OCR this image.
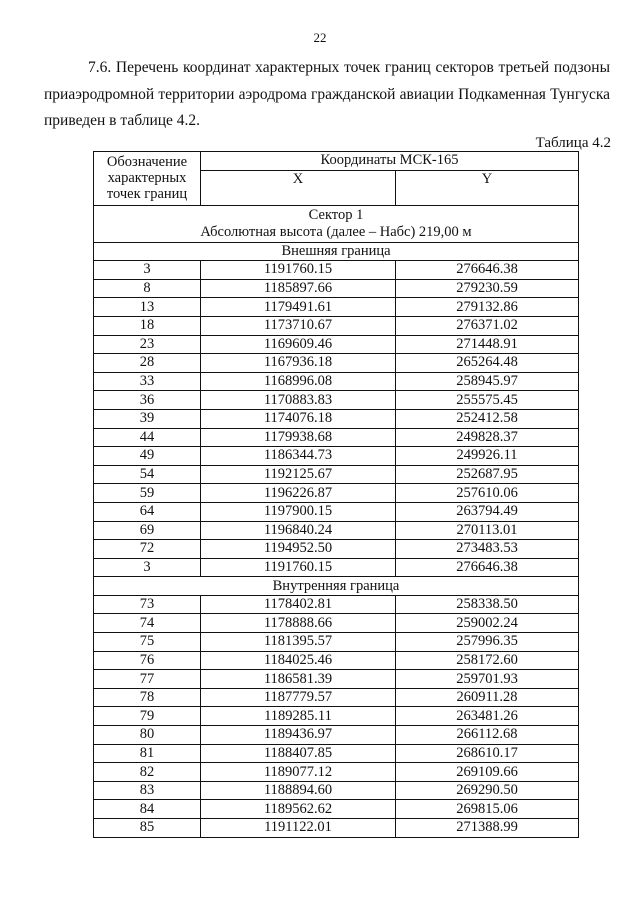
22

7.6. Перечень координат характерных точек границ секторов третьей подзоны
приаэродромной территории аэродрома гражданской авиации Подкаменная Тунгуска
приведен в таблице 4.2.

Таблица 4.2
Обозначение
характерных
точек границ	Координаты МСК-165	
	X	Y
Сектор 1
Абсолютная высота (далее – Набс) 219,00 м		
Внешняя граница		
3	1191760.15	276646.38
8	1185897.66	279230.59
13	1179491.61	279132.86
18	1173710.67	276371.02
23	1169609.46	271448.91
28	1167936.18	265264.48
33	1168996.08	258945.97
36	1170883.83	255575.45
39	1174076.18	252412.58
44	1179938.68	249828.37
49	1186344.73	249926.11
54	1192125.67	252687.95
59	1196226.87	257610.06
64	1197900.15	263794.49
69	1196840.24	270113.01
72	1194952.50	273483.53
3	1191760.15	276646.38
Внутренняя граница		
73	1178402.81	258338.50
74	1178888.66	259002.24
75	1181395.57	257996.35
76	1184025.46	258172.60
77	1186581.39	259701.93
78	1187779.57	260911.28
79	1189285.11	263481.26
80	1189436.97	266112.68
81	1188407.85	268610.17
82	1189077.12	269109.66
83	1188894.60	269290.50
84	1189562.62	269815.06
85	1191122.01	271388.99
